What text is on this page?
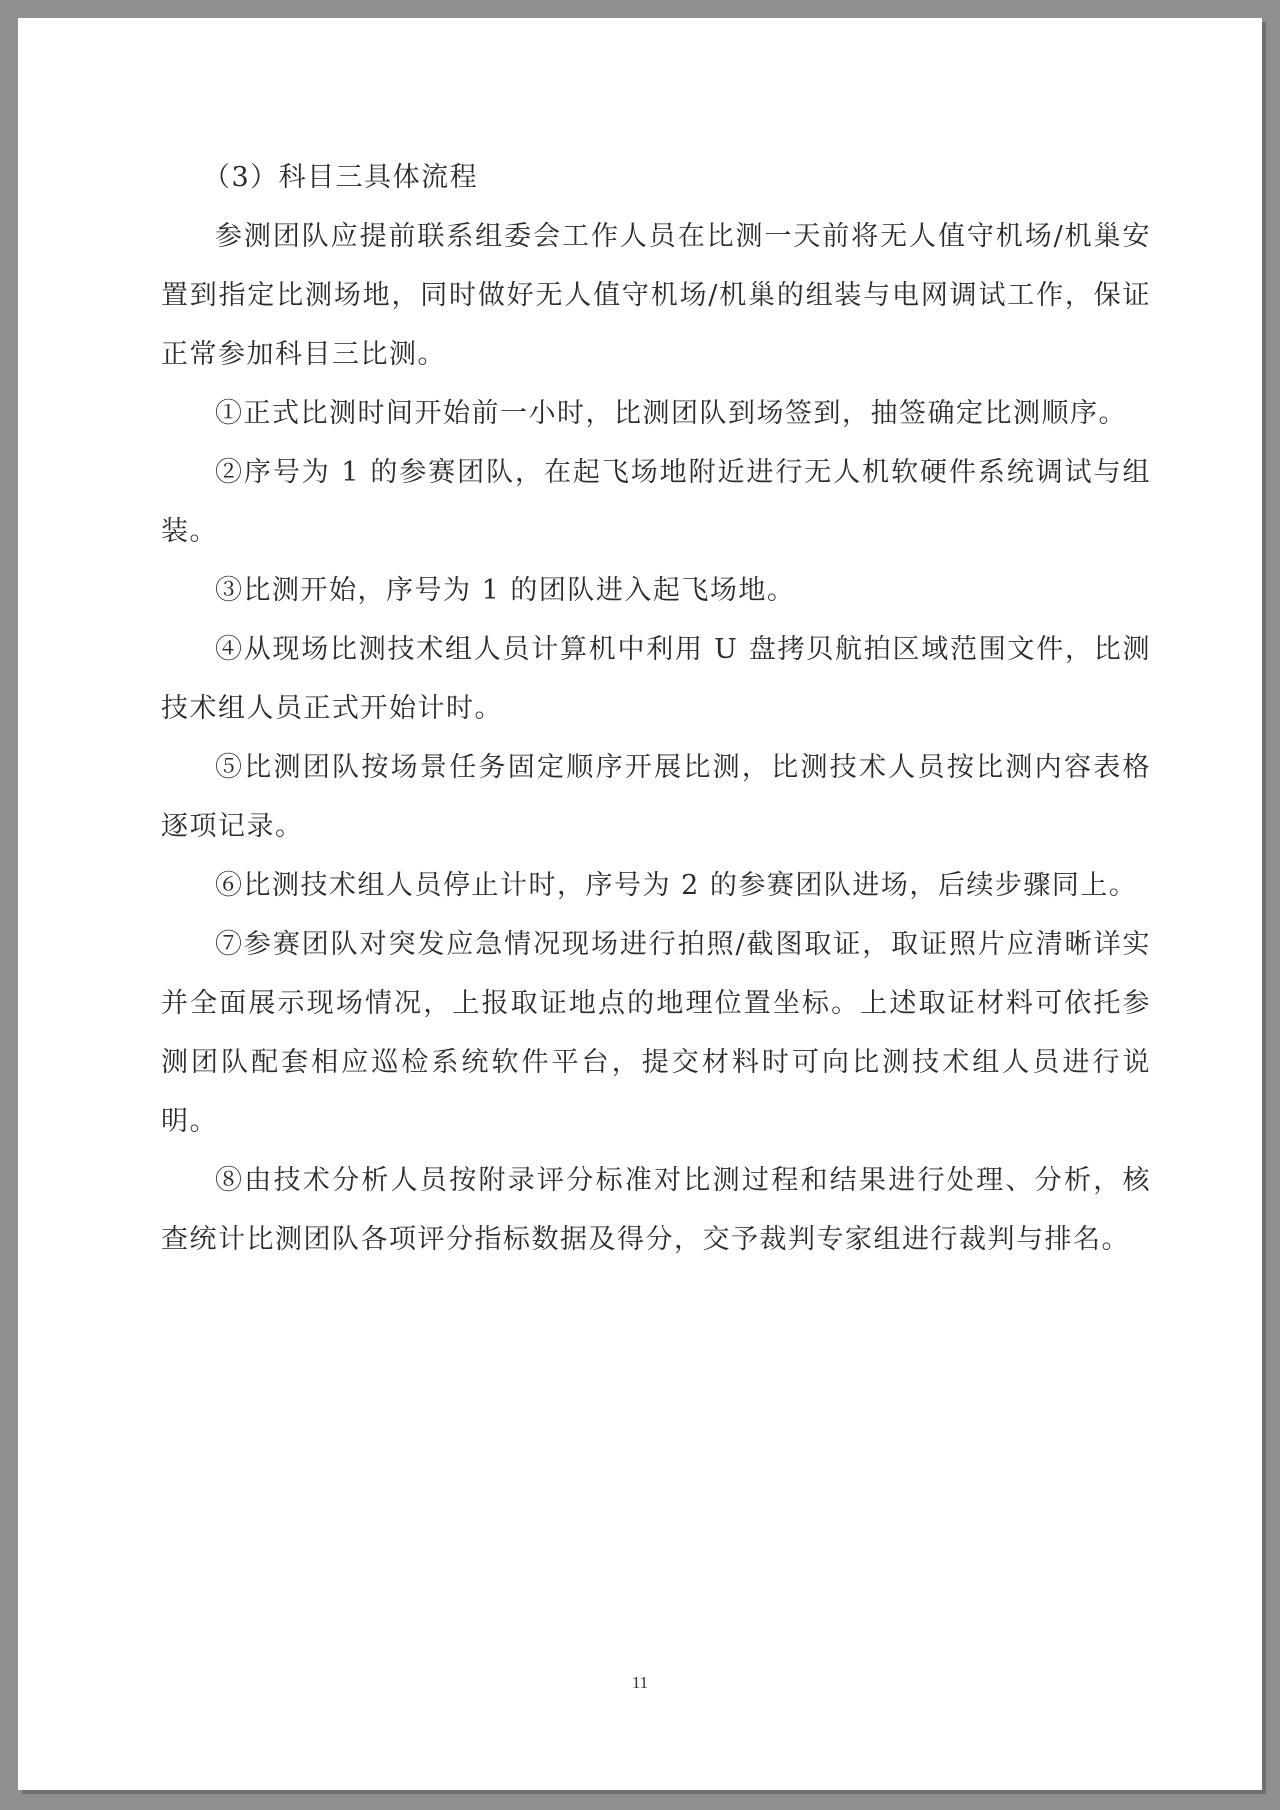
（3）科目三具体流程

参测团队应提前联系组委会工作人员在比测一天前将无人值守机场/机巢安置到指定比测场地，同时做好无人值守机场/机巢的组装与电网调试工作，保证正常参加科目三比测。

①正式比测时间开始前一小时，比测团队到场签到，抽签确定比测顺序。

②序号为 1 的参赛团队，在起飞场地附近进行无人机软硬件系统调试与组装。

③比测开始，序号为 1 的团队进入起飞场地。

④从现场比测技术组人员计算机中利用 U 盘拷贝航拍区域范围文件，比测技术组人员正式开始计时。

⑤比测团队按场景任务固定顺序开展比测，比测技术人员按比测内容表格逐项记录。

⑥比测技术组人员停止计时，序号为 2 的参赛团队进场，后续步骤同上。

⑦参赛团队对突发应急情况现场进行拍照/截图取证，取证照片应清晰详实并全面展示现场情况，上报取证地点的地理位置坐标。上述取证材料可依托参测团队配套相应巡检系统软件平台，提交材料时可向比测技术组人员进行说明。

⑧由技术分析人员按附录评分标准对比测过程和结果进行处理、分析，核查统计比测团队各项评分指标数据及得分，交予裁判专家组进行裁判与排名。

11
